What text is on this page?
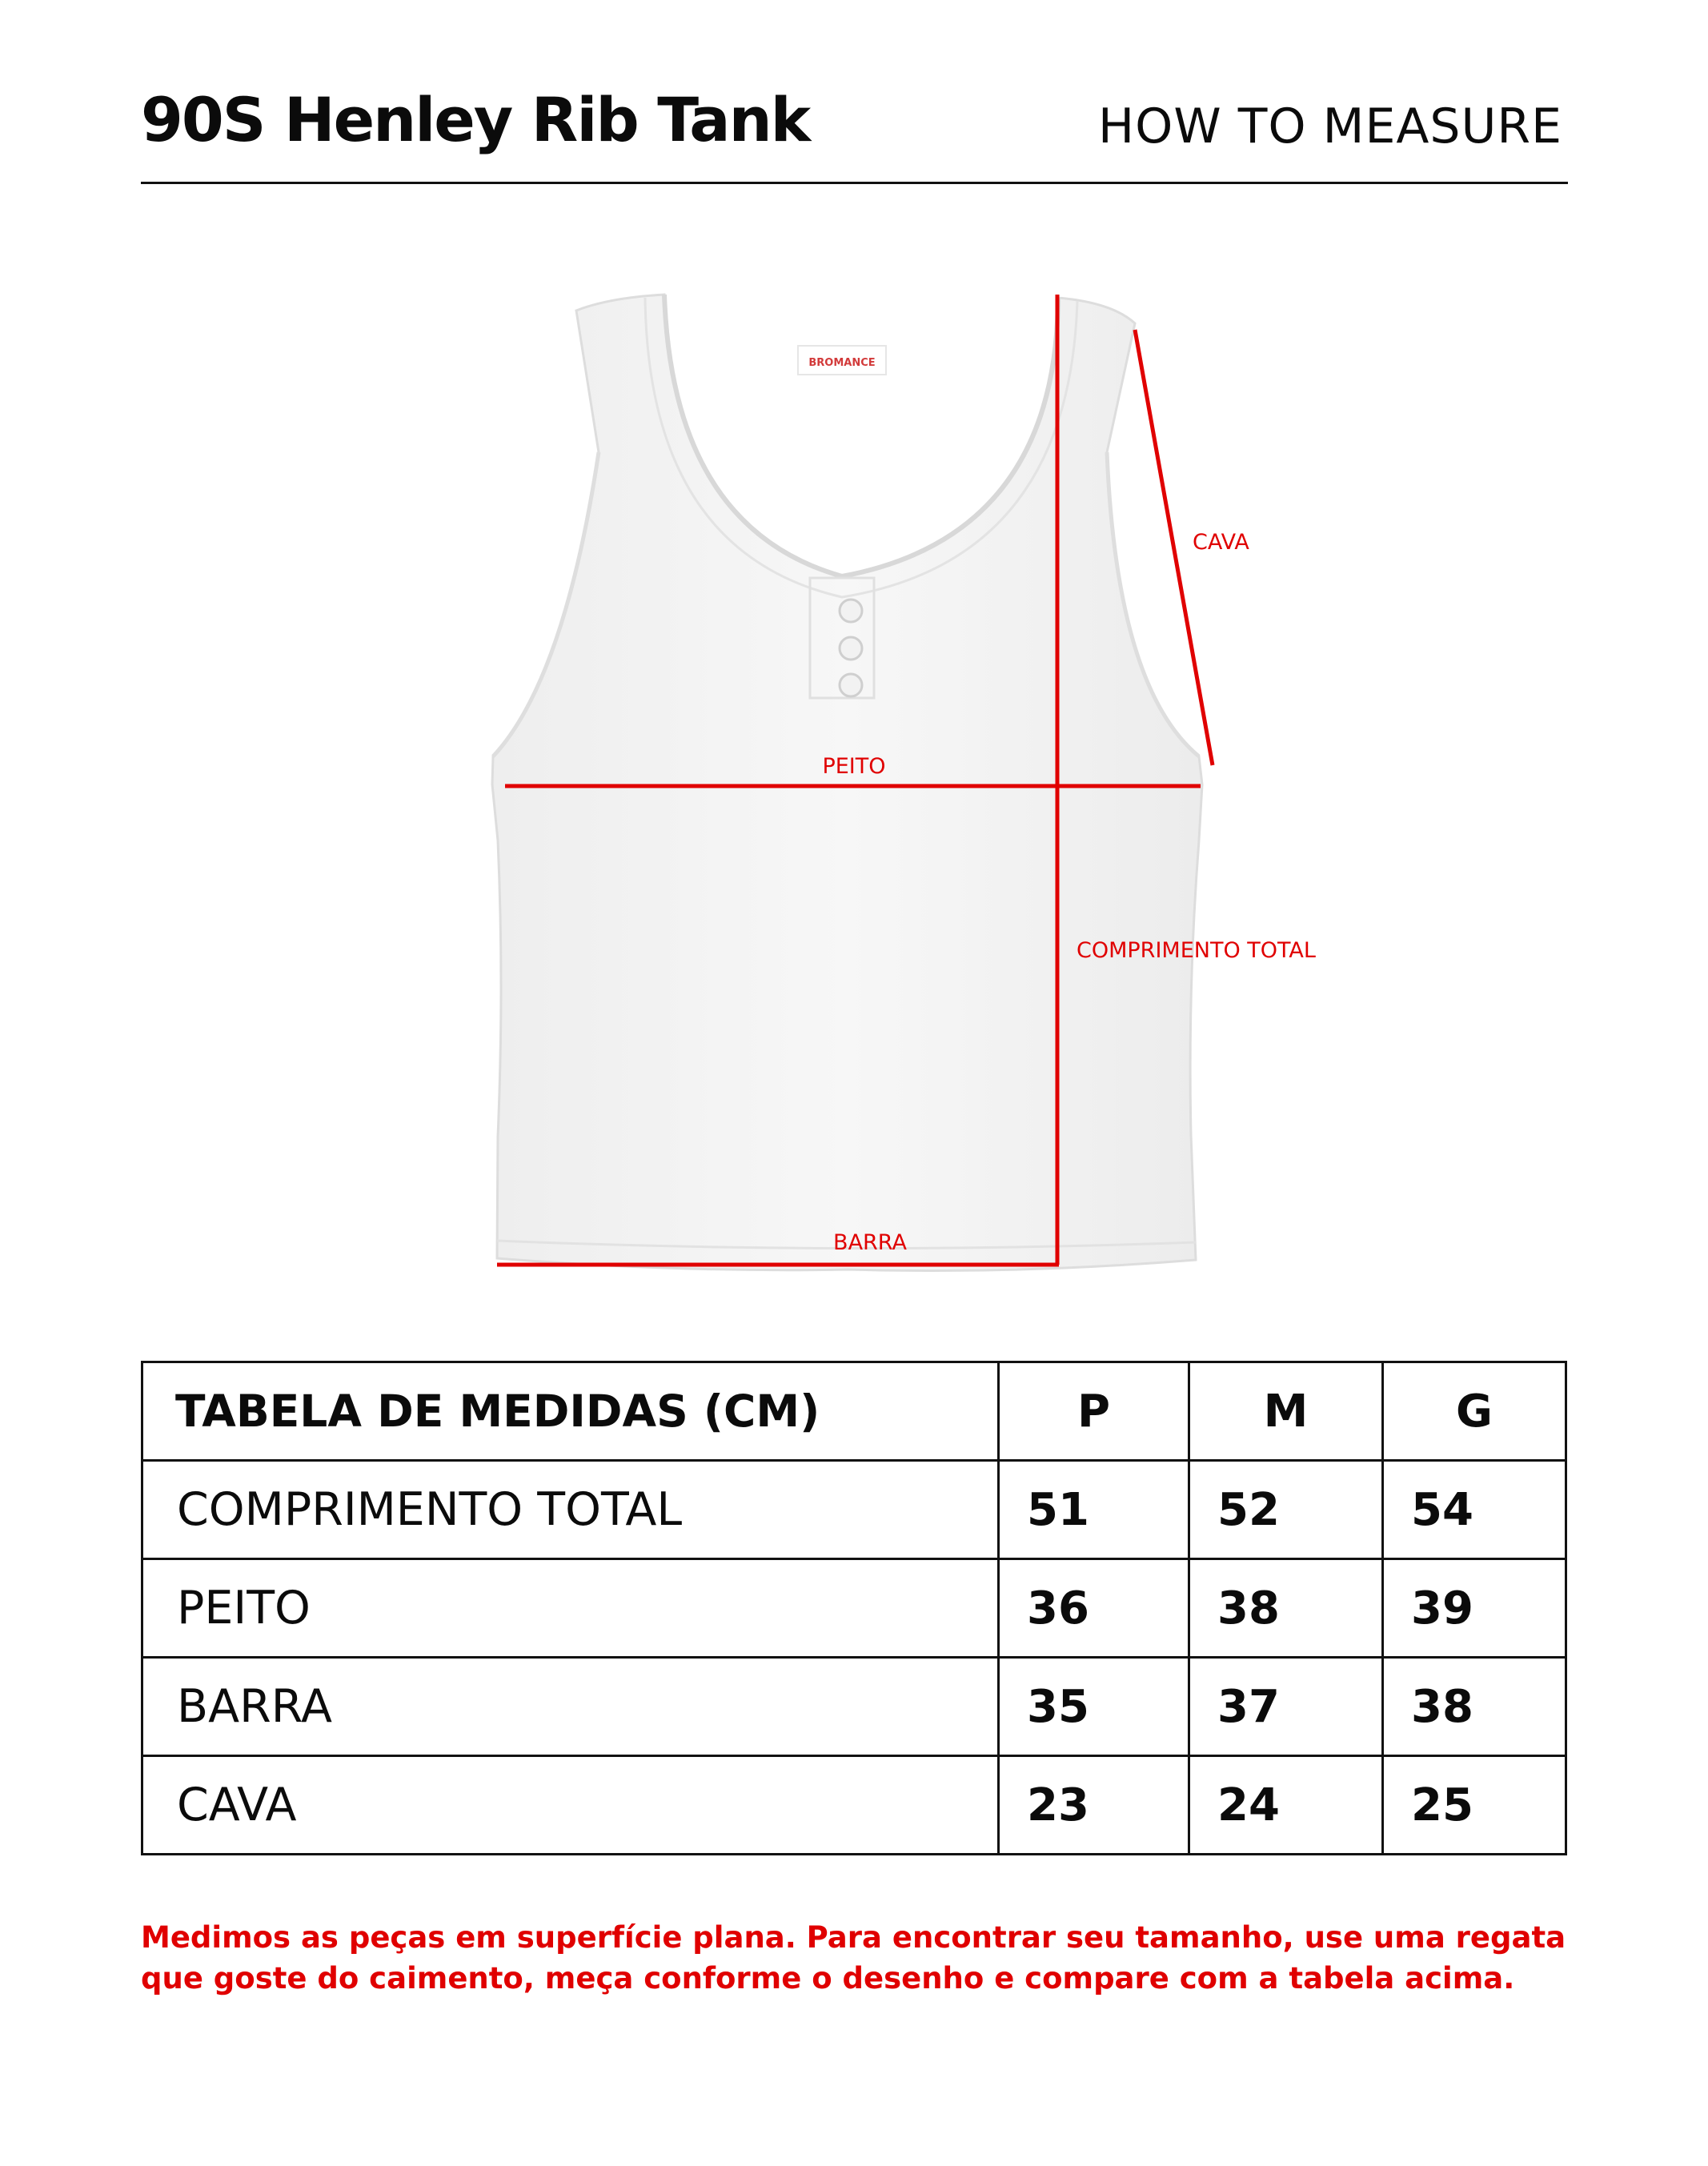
90S Henley Rib Tank	HOW TO MEASURE
BROMANCE
CAVA
PEITO
COMPRIMENTO TOTAL
BARRA
TABELA DE MEDIDAS (CM)	P	M	G
COMPRIMENTO TOTAL	51	52	54
PEITO	36	38	39
BARRA	35	37	38
CAVA	23	24	25
Medimos as peças em superfície plana. Para encontrar seu tamanho, use uma regata que goste do caimento, meça conforme o desenho e compare com a tabela acima.
